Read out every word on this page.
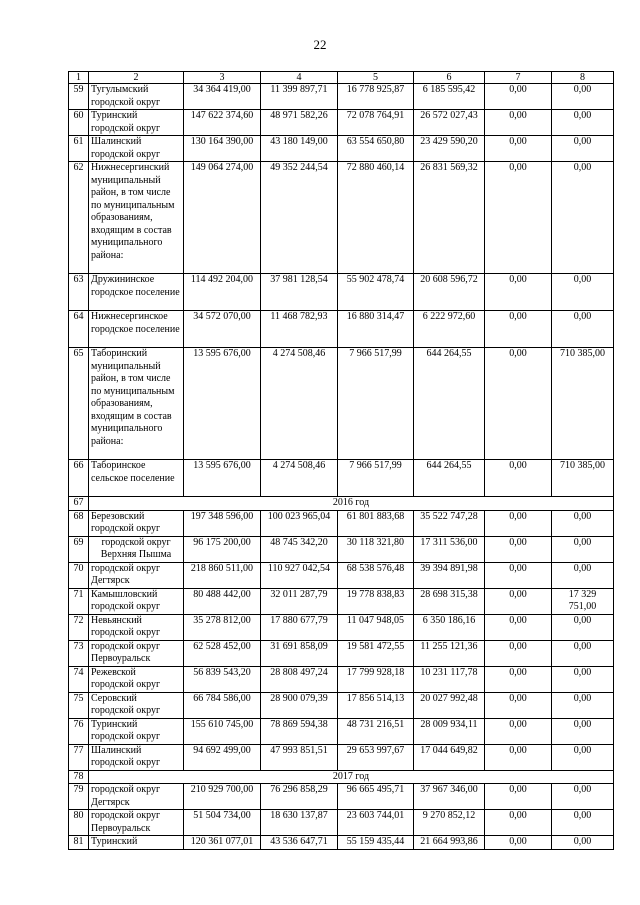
22
1	2	3	4	5	6	7	8
59	Тугулымский городской округ	34 364 419,00	11 399 897,71	16 778 925,87	6 185 595,42	0,00	0,00
60	Туринский городской округ	147 622 374,60	48 971 582,26	72 078 764,91	26 572 027,43	0,00	0,00
61	Шалинский городской округ	130 164 390,00	43 180 149,00	63 554 650,80	23 429 590,20	0,00	0,00
62	Нижнесергинский муниципальный район, в том числе по муниципальным образованиям, входящим в состав муниципального района:	149 064 274,00	49 352 244,54	72 880 460,14	26 831 569,32	0,00	0,00
63	Дружининское городское поселение	114 492 204,00	37 981 128,54	55 902 478,74	20 608 596,72	0,00	0,00
64	Нижнесергинское городское поселение	34 572 070,00	11 468 782,93	16 880 314,47	6 222 972,60	0,00	0,00
65	Таборинский муниципальный район, в том числе по муниципальным образованиям, входящим в состав муниципального района:	13 595 676,00	4 274 508,46	7 966 517,99	644 264,55	0,00	710 385,00
66	Таборинское сельское поселение	13 595 676,00	4 274 508,46	7 966 517,99	644 264,55	0,00	710 385,00
67	2016 год						
68	Березовский городской округ	197 348 596,00	100 023 965,04	61 801 883,68	35 522 747,28	0,00	0,00
69	городской округ Верхняя Пышма	96 175 200,00	48 745 342,20	30 118 321,80	17 311 536,00	0,00	0,00
70	городской округ Дегтярск	218 860 511,00	110 927 042,54	68 538 576,48	39 394 891,98	0,00	0,00
71	Камышловский городской округ	80 488 442,00	32 011 287,79	19 778 838,83	28 698 315,38	0,00	17 329 751,00
72	Невьянский городской округ	35 278 812,00	17 880 677,79	11 047 948,05	6 350 186,16	0,00	0,00
73	городской округ Первоуральск	62 528 452,00	31 691 858,09	19 581 472,55	11 255 121,36	0,00	0,00
74	Режевской городской округ	56 839 543,20	28 808 497,24	17 799 928,18	10 231 117,78	0,00	0,00
75	Серовский городской округ	66 784 586,00	28 900 079,39	17 856 514,13	20 027 992,48	0,00	0,00
76	Туринский городской округ	155 610 745,00	78 869 594,38	48 731 216,51	28 009 934,11	0,00	0,00
77	Шалинский городской округ	94 692 499,00	47 993 851,51	29 653 997,67	17 044 649,82	0,00	0,00
78	2017 год						
79	городской округ Дегтярск	210 929 700,00	76 296 858,29	96 665 495,71	37 967 346,00	0,00	0,00
80	городской округ Первоуральск	51 504 734,00	18 630 137,87	23 603 744,01	9 270 852,12	0,00	0,00
81	Туринский	120 361 077,01	43 536 647,71	55 159 435,44	21 664 993,86	0,00	0,00
